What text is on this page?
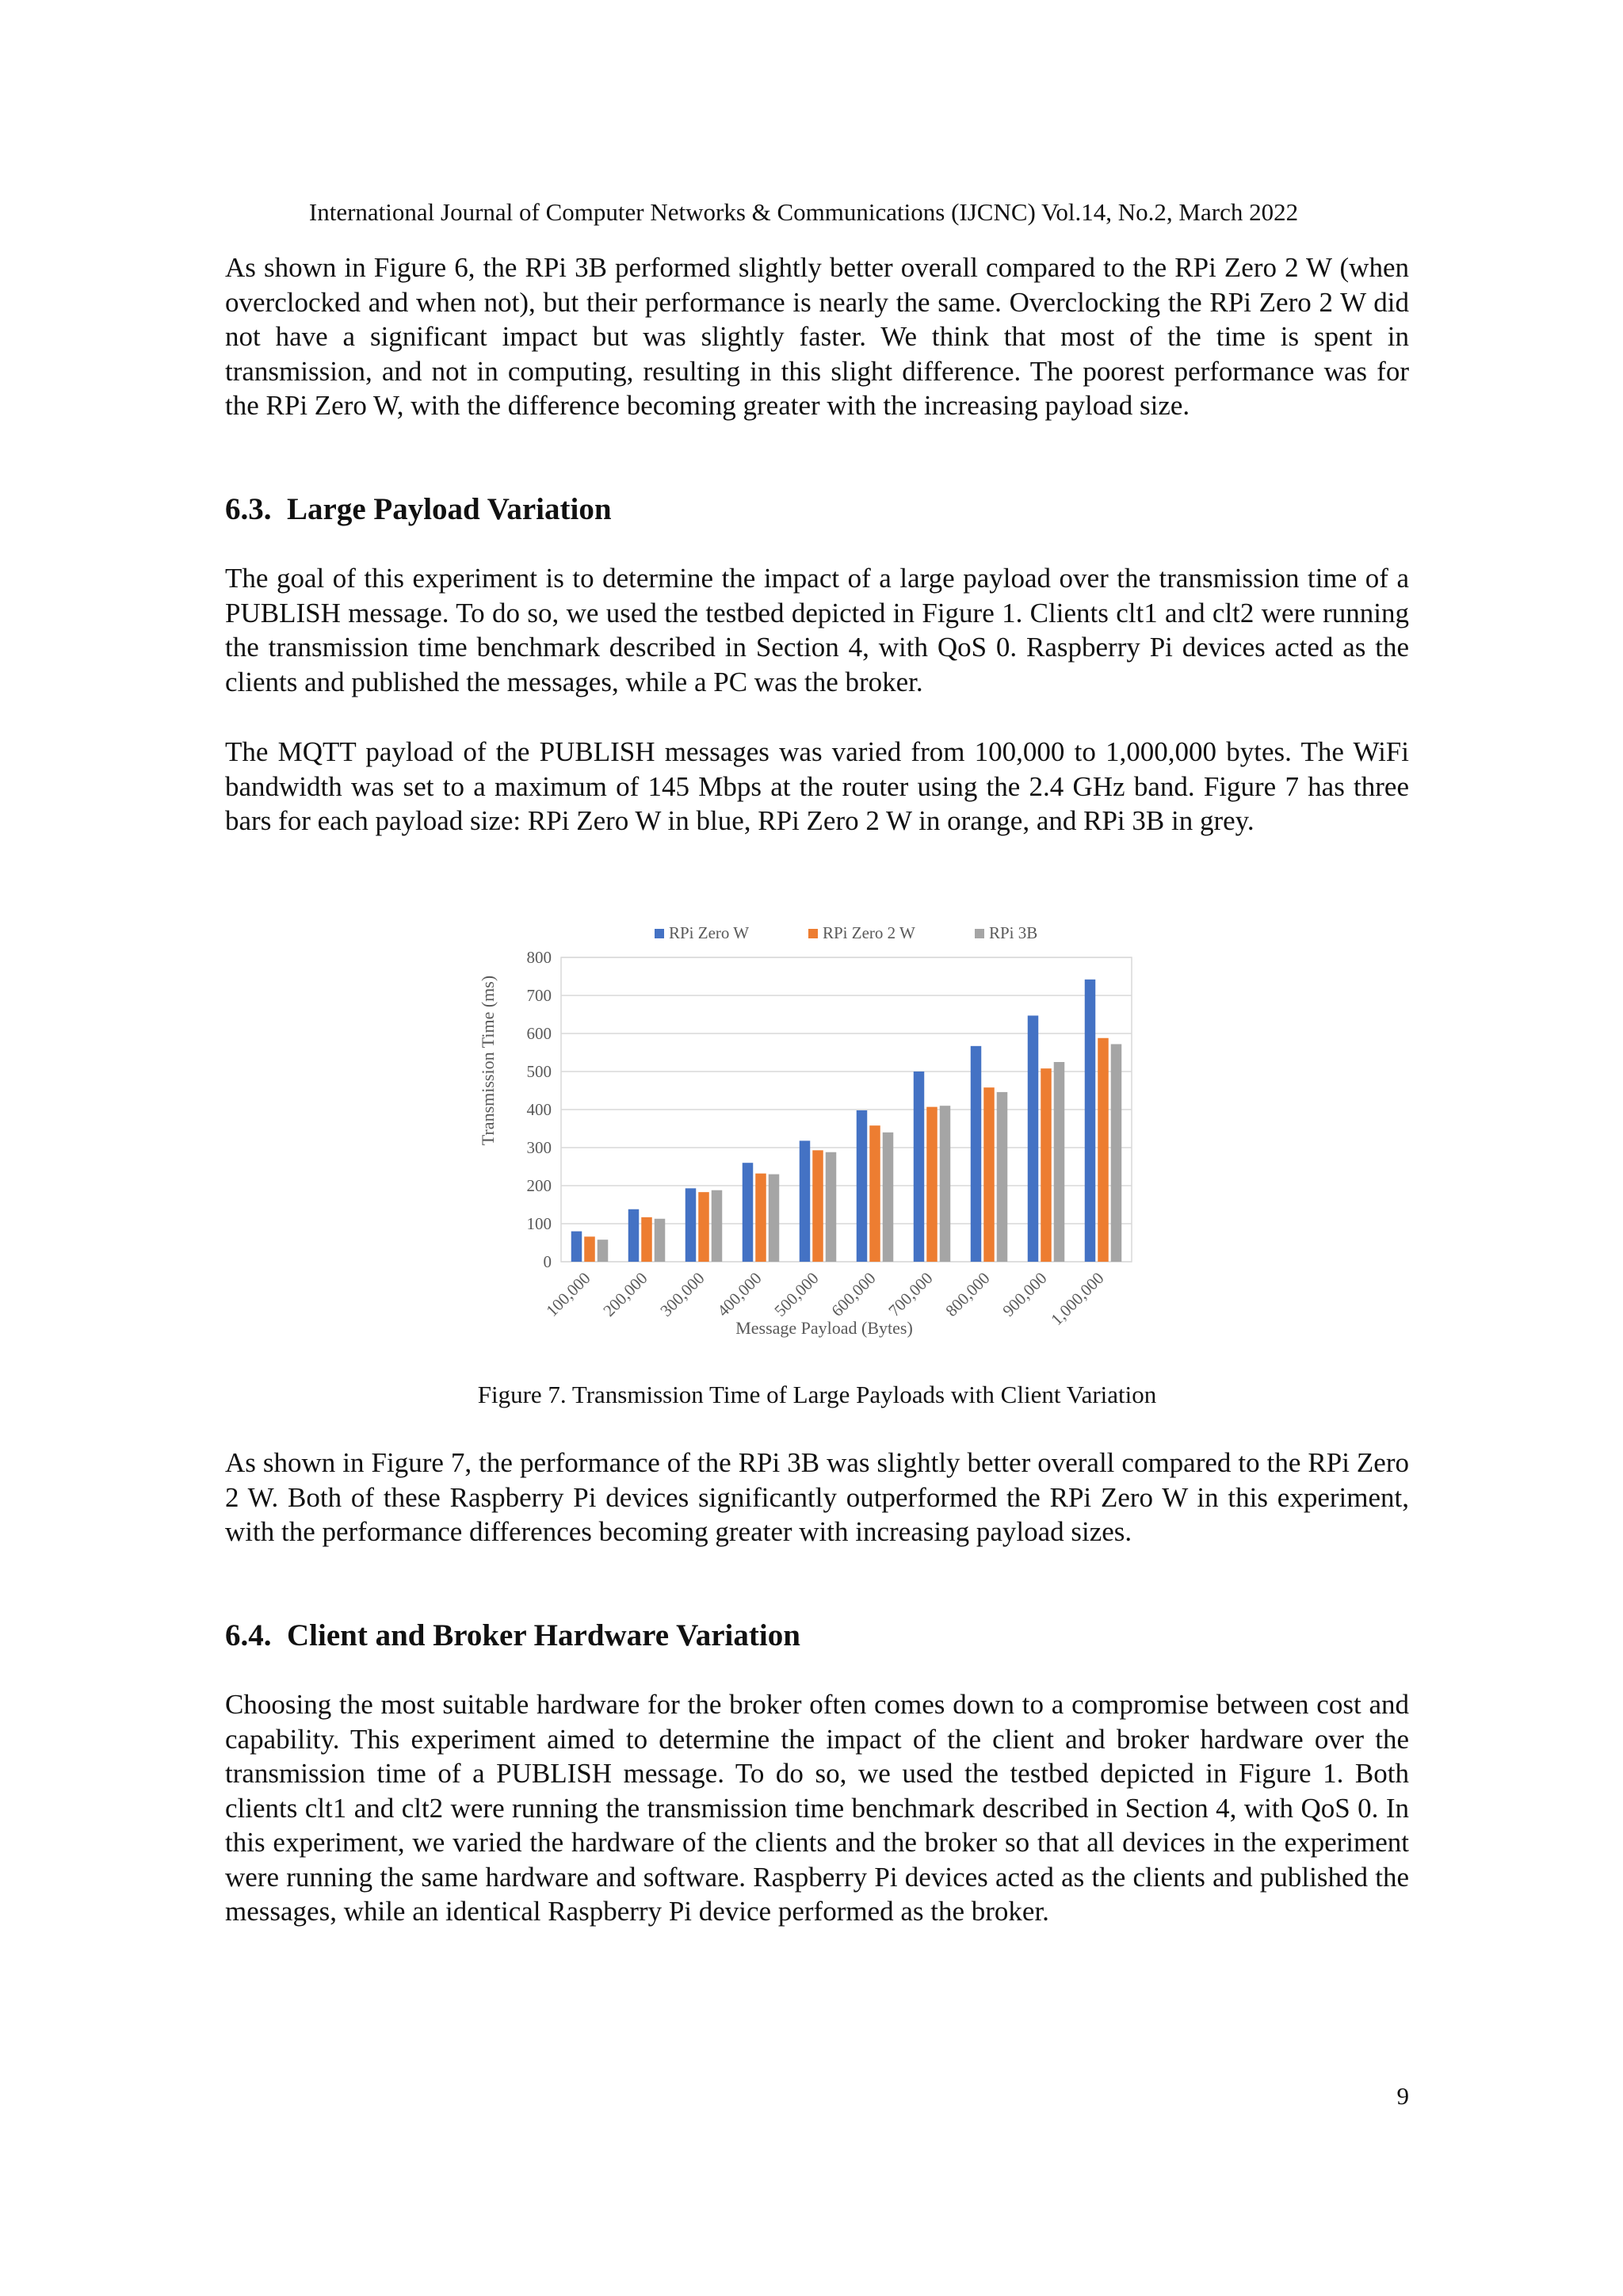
International Journal of Computer Networks & Communications (IJCNC) Vol.14, No.2, March 2022

As shown in Figure 6, the RPi 3B performed slightly better overall compared to the RPi Zero 2 W (when overclocked and when not), but their performance is nearly the same. Overclocking the RPi Zero 2 W did not have a significant impact but was slightly faster. We think that most of the time is spent in transmission, and not in computing, resulting in this slight difference. The poorest performance was for the RPi Zero W, with the difference becoming greater with the increasing payload size.

6.3. Large Payload Variation

The goal of this experiment is to determine the impact of a large payload over the transmission time of a PUBLISH message. To do so, we used the testbed depicted in Figure 1. Clients clt1 and clt2 were running the transmission time benchmark described in Section 4, with QoS 0. Raspberry Pi devices acted as the clients and published the messages, while a PC was the broker.

The MQTT payload of the PUBLISH messages was varied from 100,000 to 1,000,000 bytes. The WiFi bandwidth was set to a maximum of 145 Mbps at the router using the 2.4 GHz band. Figure 7 has three bars for each payload size: RPi Zero W in blue, RPi Zero 2 W in orange, and RPi 3B in grey.

RPi Zero W	RPi Zero 2 W	RPi 3B
0
100
200
300
400
500
600
700
800
100,000 200,000 300,000 400,000 500,000 600,000 700,000 800,000 900,000
1,000,000
Transmission Time (ms)
Message Payload (Bytes)
Figure 7. Transmission Time of Large Payloads with Client Variation

As shown in Figure 7, the performance of the RPi 3B was slightly better overall compared to the RPi Zero 2 W. Both of these Raspberry Pi devices significantly outperformed the RPi Zero W in this experiment, with the performance differences becoming greater with increasing payload sizes.

6.4. Client and Broker Hardware Variation

Choosing the most suitable hardware for the broker often comes down to a compromise between cost and capability. This experiment aimed to determine the impact of the client and broker hardware over the transmission time of a PUBLISH message. To do so, we used the testbed depicted in Figure 1. Both clients clt1 and clt2 were running the transmission time benchmark described in Section 4, with QoS 0. In this experiment, we varied the hardware of the clients and the broker so that all devices in the experiment were running the same hardware and software. Raspberry Pi devices acted as the clients and published the messages, while an identical Raspberry Pi device performed as the broker.

9
